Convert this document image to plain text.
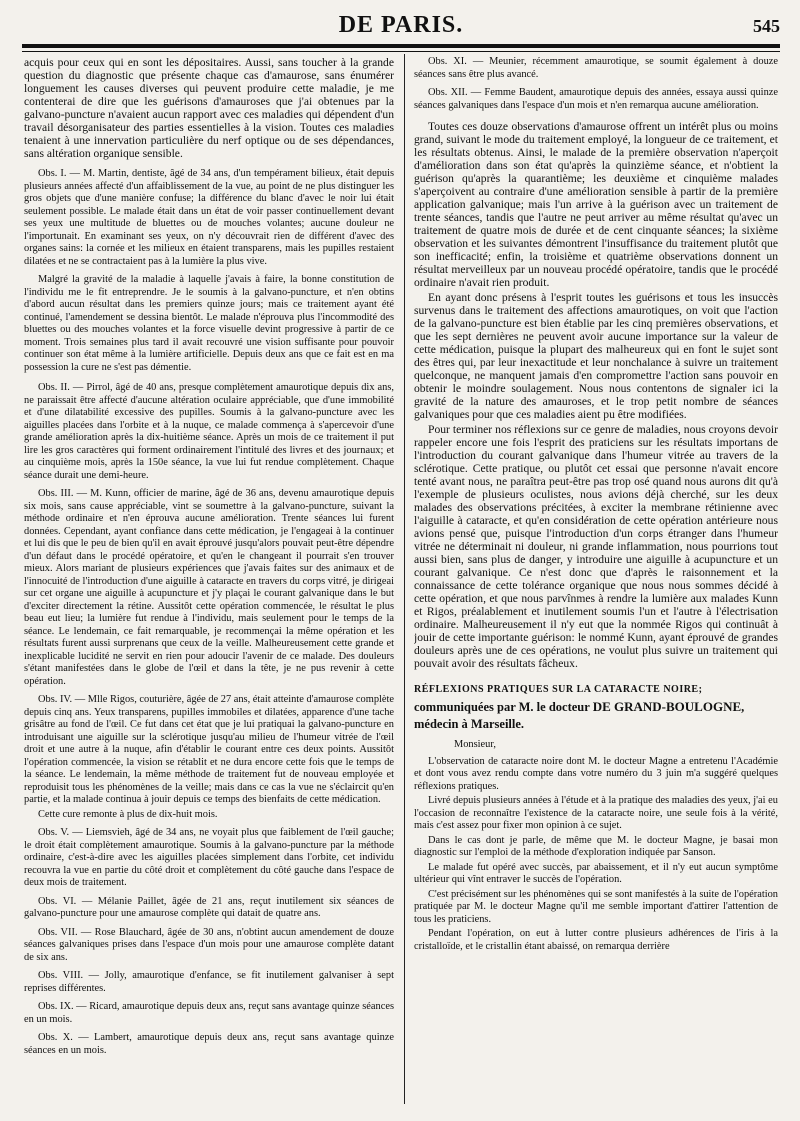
DE PARIS.	545

acquis pour ceux qui en sont les dépositaires. Aussi, sans toucher à la grande question du diagnostic que présente chaque cas d'amaurose, sans énumérer longuement les causes diverses qui peuvent produire cette maladie, je me contenterai de dire que les guérisons d'amauroses que j'ai obtenues par la galvano-puncture n'avaient aucun rapport avec ces maladies qui dépendent d'un travail désorganisateur des parties essentielles à la vision. Toutes ces maladies tenaient à une innervation particulière du nerf optique ou de ses dépendances, sans altération organique sensible.

Obs. I. — M. Martin, dentiste, âgé de 34 ans, d'un tempérament bilieux, était depuis plusieurs années affecté d'un affaiblissement de la vue, au point de ne plus distinguer les gros objets que d'une manière confuse; la différence du blanc d'avec le noir lui était seulement possible. Le malade était dans un état de voir passer continuellement devant ses yeux une multitude de bluettes ou de mouches volantes; aucune douleur ne l'importunait. En examinant ses yeux, on n'y découvrait rien de différent d'avec des organes sains: la cornée et les milieux en étaient transparens, mais les pupilles restaient dilatées et ne se contractaient pas à la lumière la plus vive.

Malgré la gravité de la maladie à laquelle j'avais à faire, la bonne constitution de l'individu me le fit entreprendre. Je le soumis à la galvano-puncture, et n'en obtins d'abord aucun résultat dans les premiers quinze jours; mais ce traitement ayant été continué, l'amendement se dessina bientôt. Le malade n'éprouva plus l'incommodité des bluettes ou des mouches volantes et la force visuelle devint progressive à partir de ce moment. Trois semaines plus tard il avait recouvré une vision suffisante pour pouvoir continuer son état même à la lumière artificielle. Depuis deux ans que ce fait est en ma possession la cure ne s'est pas démentie.

Obs. II. — Pirrol, âgé de 40 ans, presque complètement amaurotique depuis dix ans, ne paraissait être affecté d'aucune altération oculaire appréciable, que d'une immobilité et d'une dilatabilité excessive des pupilles. Soumis à la galvano-puncture avec les aiguilles placées dans l'orbite et à la nuque, ce malade commença à s'apercevoir d'une grande amélioration après la dix-huitième séance. Après un mois de ce traitement il put lire les gros caractères qui forment ordinairement l'intitulé des livres et des journaux; et au cinquième mois, après la 150e séance, la vue lui fut rendue complètement. Chaque séance durait une demi-heure.

Obs. III. — M. Kunn, officier de marine, âgé de 36 ans, devenu amaurotique depuis six mois, sans cause appréciable, vint se soumettre à la galvano-puncture, suivant la méthode ordinaire et n'en éprouva aucune amélioration. Trente séances lui furent données. Cependant, ayant confiance dans cette médication, je l'engageai à la continuer et lui dis que le peu de bien qu'il en avait éprouvé jusqu'alors pouvait peut-être dépendre d'un défaut dans le procédé opératoire, et qu'en le changeant il pourrait s'en trouver mieux. Alors mariant de plusieurs expériences que j'avais faites sur des animaux et de l'innocuité de l'introduction d'une aiguille à cataracte en travers du corps vitré, je dirigeai sur cet organe une aiguille à acupuncture et j'y plaçai le courant galvanique dans le but d'exciter directement la rétine. Aussitôt cette opération commencée, le résultat le plus beau eut lieu; la lumière fut rendue à l'individu, mais seulement pour le temps de la séance. Le lendemain, ce fait remarquable, je recommençai la même opération et les résultats furent aussi surprenans que ceux de la veille. Malheureusement cette grande et inexplicable lucidité ne servit en rien pour adoucir l'avenir de ce malade. Des douleurs s'étant manifestées dans le globe de l'œil et dans la tête, je ne pus revenir à cette opération.

Obs. IV. — Mlle Rigos, couturière, âgée de 27 ans, était atteinte d'amaurose complète depuis cinq ans. Yeux transparens, pupilles immobiles et dilatées, apparence d'une tache grisâtre au fond de l'œil. Ce fut dans cet état que je lui pratiquai la galvano-puncture en introduisant une aiguille sur la sclérotique jusqu'au milieu de l'humeur vitrée de l'œil droit et une autre à la nuque, afin d'établir le courant entre ces deux points. Aussitôt l'opération commencée, la vision se rétablit et ne dura encore cette fois que le temps de la séance. Le lendemain, la même méthode de traitement fut de nouveau employée et reproduisit tous les phénomènes de la veille; mais dans ce cas la vue ne s'éclaircit qu'en partie, et la malade continua à jouir depuis ce temps des bienfaits de cette médication.

Cette cure remonte à plus de dix-huit mois.

Obs. V. — Liemsvieh, âgé de 34 ans, ne voyait plus que faiblement de l'œil gauche; le droit était complètement amaurotique. Soumis à la galvano-puncture par la méthode ordinaire, c'est-à-dire avec les aiguilles placées simplement dans l'orbite, cet individu recouvra la vue en partie du côté droit et complètement du côté gauche dans l'espace de deux mois de traitement.

Obs. VI. — Mélanie Paillet, âgée de 21 ans, reçut inutilement six séances de galvano-puncture pour une amaurose complète qui datait de quatre ans.

Obs. VII. — Rose Blauchard, âgée de 30 ans, n'obtint aucun amendement de douze séances galvaniques prises dans l'espace d'un mois pour une amaurose complète datant de six ans.

Obs. VIII. — Jolly, amaurotique d'enfance, se fit inutilement galvaniser à sept reprises différentes.

Obs. IX. — Ricard, amaurotique depuis deux ans, reçut sans avantage quinze séances en un mois.

Obs. X. — Lambert, amaurotique depuis deux ans, reçut sans avantage quinze séances en un mois.

Obs. XI. — Meunier, récemment amaurotique, se soumit également à douze séances sans être plus avancé.

Obs. XII. — Femme Baudent, amaurotique depuis des années, essaya aussi quinze séances galvaniques dans l'espace d'un mois et n'en remarqua aucune amélioration.

Toutes ces douze observations d'amaurose offrent un intérêt plus ou moins grand, suivant le mode du traitement employé, la longueur de ce traitement, et les résultats obtenus. Ainsi, le malade de la première observation n'aperçoit d'amélioration dans son état qu'après la quinzième séance, et n'obtient la guérison qu'après la quarantième; les deuxième et cinquième malades s'aperçoivent au contraire d'une amélioration sensible à partir de la première application galvanique; mais l'un arrive à la guérison avec un traitement de trente séances, tandis que l'autre ne peut arriver au même résultat qu'avec un traitement de quatre mois de durée et de cent cinquante séances; la sixième observation et les suivantes démontrent l'insuffisance du traitement plutôt que son inefficacité; enfin, la troisième et quatrième observations donnent un résultat merveilleux par un nouveau procédé opératoire, tandis que le procédé ordinaire n'avait rien produit.

En ayant donc présens à l'esprit toutes les guérisons et tous les insuccès survenus dans le traitement des affections amaurotiques, on voit que l'action de la galvano-puncture est bien établie par les cinq premières observations, et que les sept dernières ne peuvent avoir aucune importance sur la valeur de cette médication, puisque la plupart des malheureux qui en font le sujet sont des êtres qui, par leur inexactitude et leur nonchalance à suivre un traitement quelconque, ne manquent jamais d'en compromettre l'action sans pouvoir en obtenir le moindre soulagement. Nous nous contentons de signaler ici la gravité de la nature des amauroses, et le trop petit nombre de séances galvaniques pour que ces maladies aient pu être modifiées.

Pour terminer nos réflexions sur ce genre de maladies, nous croyons devoir rappeler encore une fois l'esprit des praticiens sur les résultats importans de l'introduction du courant galvanique dans l'humeur vitrée au travers de la sclérotique. Cette pratique, ou plutôt cet essai que personne n'avait encore tenté avant nous, ne paraîtra peut-être pas trop osé quand nous aurons dit qu'à l'exemple de plusieurs oculistes, nous avions déjà cherché, sur les deux malades des observations précitées, à exciter la membrane rétinienne avec l'aiguille à cataracte, et qu'en considération de cette opération antérieure nous avions pensé que, puisque l'introduction d'un corps étranger dans l'humeur vitrée ne déterminait ni douleur, ni grande inflammation, nous pourrions tout aussi bien, sans plus de danger, y introduire une aiguille à acupuncture et un courant galvanique. Ce n'est donc que d'après le raisonnement et la connaissance de cette tolérance organique que nous nous sommes décidé à cette opération, et que nous parvînmes à rendre la lumière aux malades Kunn et Rigos, préalablement et inutilement soumis l'un et l'autre à l'électrisation ordinaire. Malheureusement il n'y eut que la nommée Rigos qui continuât à jouir de cette importante guérison: le nommé Kunn, ayant éprouvé de grandes douleurs après une de ces opérations, ne voulut plus suivre un traitement qui pouvait avoir des résultats fâcheux.

RÉFLEXIONS PRATIQUES SUR LA CATARACTE NOIRE; communiquées par M. le docteur DE GRAND-BOULOGNE, médecin à Marseille.

Monsieur,

L'observation de cataracte noire dont M. le docteur Magne a entretenu l'Académie et dont vous avez rendu compte dans votre numéro du 3 juin m'a suggéré quelques réflexions pratiques.

Livré depuis plusieurs années à l'étude et à la pratique des maladies des yeux, j'ai eu l'occasion de reconnaître l'existence de la cataracte noire, une seule fois à la vérité, mais c'est assez pour fixer mon opinion à ce sujet.

Dans le cas dont je parle, de même que M. le docteur Magne, je basai mon diagnostic sur l'emploi de la méthode d'exploration indiquée par Sanson.

Le malade fut opéré avec succès, par abaissement, et il n'y eut aucun symptôme ultérieur qui vînt entraver le succès de l'opération.

C'est précisément sur les phénomènes qui se sont manifestés à la suite de l'opération pratiquée par M. le docteur Magne qu'il me semble important d'attirer l'attention de tous les praticiens.

Pendant l'opération, on eut à lutter contre plusieurs adhérences de l'iris à la cristalloïde, et le cristallin étant abaissé, on remarqua derrière
